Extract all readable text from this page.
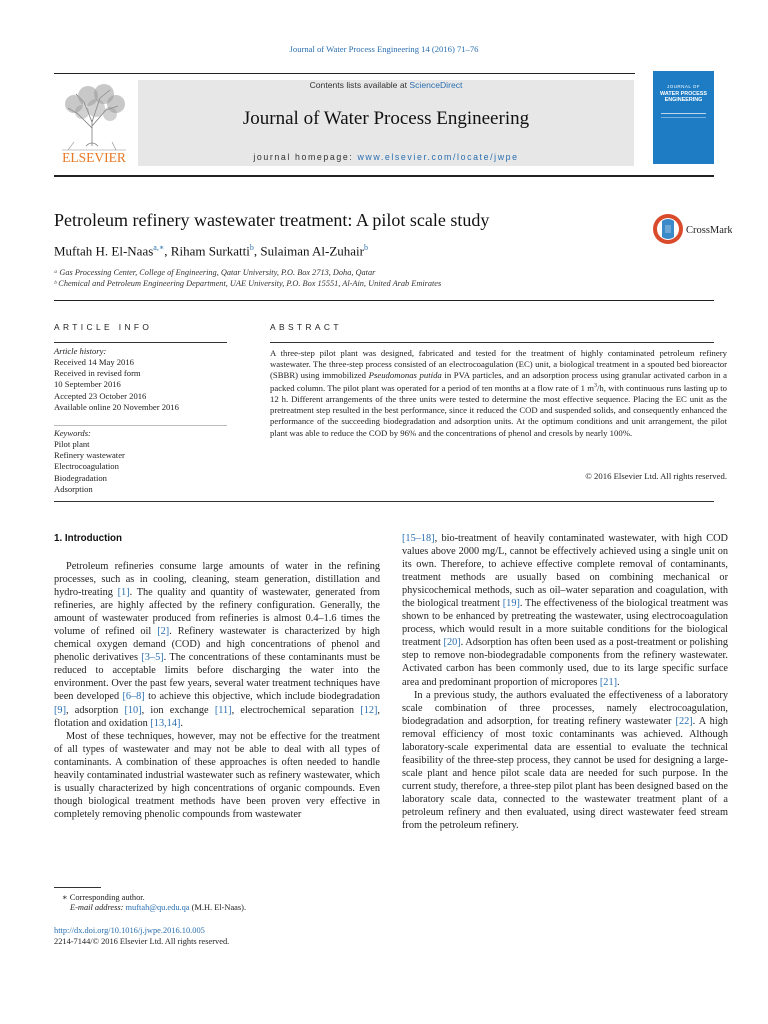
Journal of Water Process Engineering 14 (2016) 71–76
ELSEVIER
Contents lists available at ScienceDirect
Journal of Water Process Engineering
journal homepage: www.elsevier.com/locate/jwpe
JOURNAL OF
WATER PROCESS
ENGINEERING
Petroleum refinery wastewater treatment: A pilot scale study
CrossMark
Muftah H. El-Naas$^{a,∗}$, Riham Surkatti$^b$, Sulaiman Al-Zuhair$^b$
ᵃ Gas Processing Center, College of Engineering, Qatar University, P.O. Box 2713, Doha, Qatar
ᵇ Chemical and Petroleum Engineering Department, UAE University, P.O. Box 15551, Al-Ain, United Arab Emirates
ARTICLE INFO	ABSTRACT
Article history:
Received 14 May 2016
Received in revised form
10 September 2016
Accepted 23 October 2016
Available online 20 November 2016
Keywords:
Pilot plant
Refinery wastewater
Electrocoagulation
Biodegradation
Adsorption
A three-step pilot plant was designed, fabricated and tested for the treatment of highly contaminated petroleum refinery wastewater. The three-step process consisted of an electrocoagulation (EC) unit, a biological treatment in a spouted bed bioreactor (SBBR) using immobilized Pseudomonas putida in PVA particles, and an adsorption process using granular activated carbon in a packed column. The pilot plant was operated for a period of ten months at a flow rate of 1 $m^3/h$, with continuous runs lasting up to 12 h. Different arrangements of the three units were tested to determine the most effective sequence. Placing the EC unit as the pretreatment step resulted in the best performance, since it reduced the COD and suspended solids, and consequently enhanced the performance of the succeeding biodegradation and adsorption units. At the optimum conditions and unit arrangement, the pilot plant was able to reduce the COD by 96% and the concentrations of phenol and cresols by nearly 100%.
© 2016 Elsevier Ltd. All rights reserved.
1. Introduction

Petroleum refineries consume large amounts of water in the refining processes, such as in cooling, cleaning, steam generation, distillation and hydro-treating [1]. The quality and quantity of wastewater, generated from refineries, are highly affected by the refinery configuration. Generally, the amount of wastewater produced from refineries is almost 0.4–1.6 times the volume of refined oil [2]. Refinery wastewater is characterized by high chemical oxygen demand (COD) and high concentrations of phenol and phenolic derivatives [3–5]. The concentrations of these contaminants must be reduced to acceptable limits before discharging the water into the environment. Over the past few years, several water treatment techniques have been developed [6–8] to achieve this objective, which include biodegradation [9], adsorption [10], ion exchange [11], electrochemical separation [12], flotation and oxidation [13,14].

Most of these techniques, however, may not be effective for the treatment of all types of wastewater and may not be able to deal with all types of contaminants. A combination of these approaches is often needed to handle heavily contaminated industrial wastewater such as refinery wastewater, which is usually characterized by high concentrations of organic compounds. Even though biological treatment methods have been proven very effective in completely removing phenolic compounds from wastewater

[15–18], bio-treatment of heavily contaminated wastewater, with high COD values above 2000 mg/L, cannot be effectively achieved using a single unit on its own. Therefore, to achieve effective complete removal of contaminants, treatment methods are usually based on combining mechanical or physicochemical methods, such as oil–water separation and coagulation, with the biological treatment [19]. The effectiveness of the biological treatment was shown to be enhanced by pretreating the wastewater, using electrocoagulation process, which would result in a more suitable conditions for the biological treatment [20]. Adsorption has often been used as a post-treatment or polishing step to remove non-biodegradable components from the refinery wastewater. Activated carbon has been commonly used, due to its large specific surface area and predominant proportion of micropores [21].

In a previous study, the authors evaluated the effectiveness of a laboratory scale combination of three processes, namely electrocoagulation, biodegradation and adsorption, for treating refinery wastewater [22]. A high removal efficiency of most toxic contaminants was achieved. Although laboratory-scale experimental data are essential to evaluate the technical feasibility of the three-step process, they cannot be used for designing a large-scale plant and hence pilot scale data are needed for such purpose. In the current study, therefore, a three-step pilot plant has been designed based on the laboratory scale data, connected to the wastewater treatment plant of a petroleum refinery and then evaluated, using direct wastewater feed stream from the petroleum refinery.

∗ Corresponding author.
E-mail address: muftah@qu.edu.qa (M.H. El-Naas).
http://dx.doi.org/10.1016/j.jwpe.2016.10.005
2214-7144/© 2016 Elsevier Ltd. All rights reserved.
